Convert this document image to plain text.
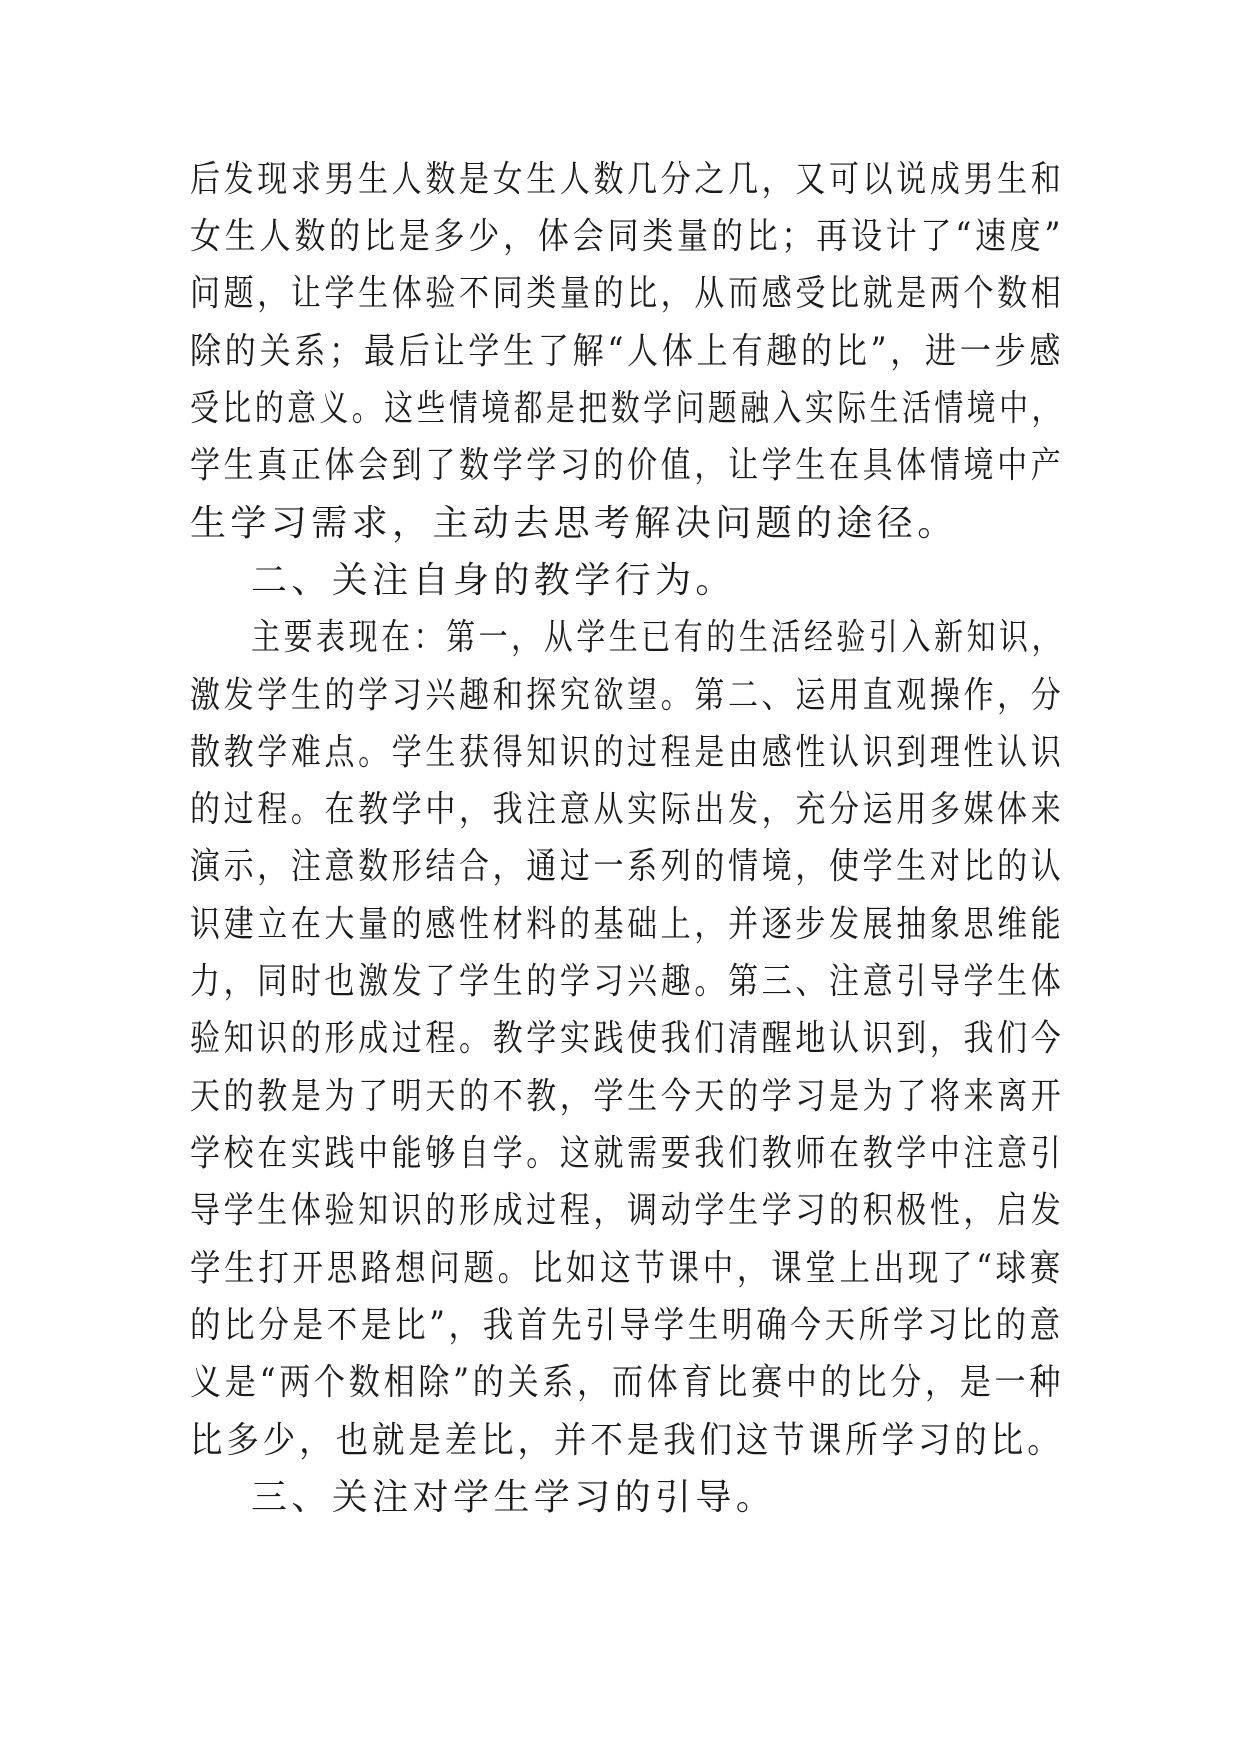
后发现求男生人数是女生人数几分之几，又可以说成男生和
女生人数的比是多少，体会同类量的比；再设计了“速度”
问题，让学生体验不同类量的比，从而感受比就是两个数相
除的关系；最后让学生了解“人体上有趣的比”，进一步感
受比的意义。这些情境都是把数学问题融入实际生活情境中，
学生真正体会到了数学学习的价值，让学生在具体情境中产
生学习需求，主动去思考解决问题的途径。
二、关注自身的教学行为。
主要表现在：第一，从学生已有的生活经验引入新知识，
激发学生的学习兴趣和探究欲望。第二、运用直观操作，分
散教学难点。学生获得知识的过程是由感性认识到理性认识
的过程。在教学中，我注意从实际出发，充分运用多媒体来
演示，注意数形结合，通过一系列的情境，使学生对比的认
识建立在大量的感性材料的基础上，并逐步发展抽象思维能
力，同时也激发了学生的学习兴趣。第三、注意引导学生体
验知识的形成过程。教学实践使我们清醒地认识到，我们今
天的教是为了明天的不教，学生今天的学习是为了将来离开
学校在实践中能够自学。这就需要我们教师在教学中注意引
导学生体验知识的形成过程，调动学生学习的积极性，启发
学生打开思路想问题。比如这节课中，课堂上出现了“球赛
的比分是不是比”，我首先引导学生明确今天所学习比的意
义是“两个数相除”的关系，而体育比赛中的比分，是一种
比多少，也就是差比，并不是我们这节课所学习的比。
三、关注对学生学习的引导。
